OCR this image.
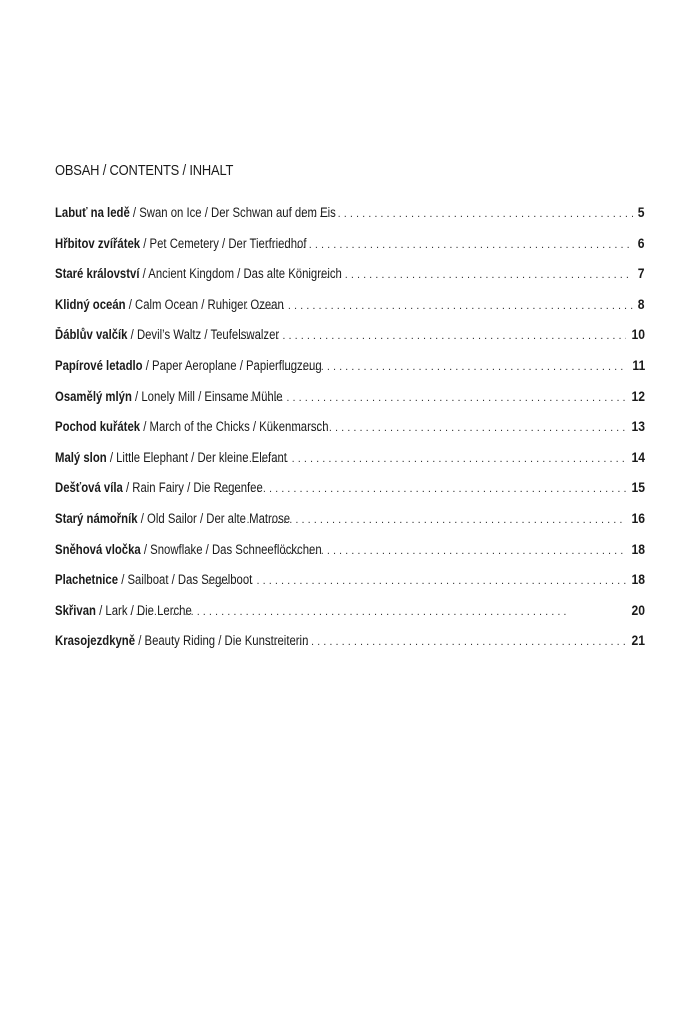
OBSAH / CONTENTS / INHALT
Labuť na ledě / Swan on Ice / Der Schwan auf dem Eis . . .	5
Hřbitov zvířátek / Pet Cemetery / Der Tierfriedhof . . .	6
Staré království / Ancient Kingdom / Das alte Königreich . . .	7
Klidný oceán / Calm Ocean / Ruhiger Ozean . . .	8
Ďáblův valčík / Devil’s Waltz / Teufelswalzer . . .	10
Papírové letadlo / Paper Aeroplane / Papierflugzeug . . .	11
Osamělý mlýn / Lonely Mill / Einsame Mühle . . .	12
Pochod kuřátek / March of the Chicks / Kükenmarsch . . .	13
Malý slon / Little Elephant / Der kleine Elefant . . .	14
Dešťová víla / Rain Fairy / Die Regenfee . . .	15
Starý námořník / Old Sailor / Der alte Matrose . . .	16
Sněhová vločka / Snowflake / Das Schneeflöckchen . . .	18
Plachetnice / Sailboat / Das Segelboot . . .	18
Skřivan / Lark / Die Lerche . . .	20
Krasojezdkyně / Beauty Riding / Die Kunstreiterin . . .	21
